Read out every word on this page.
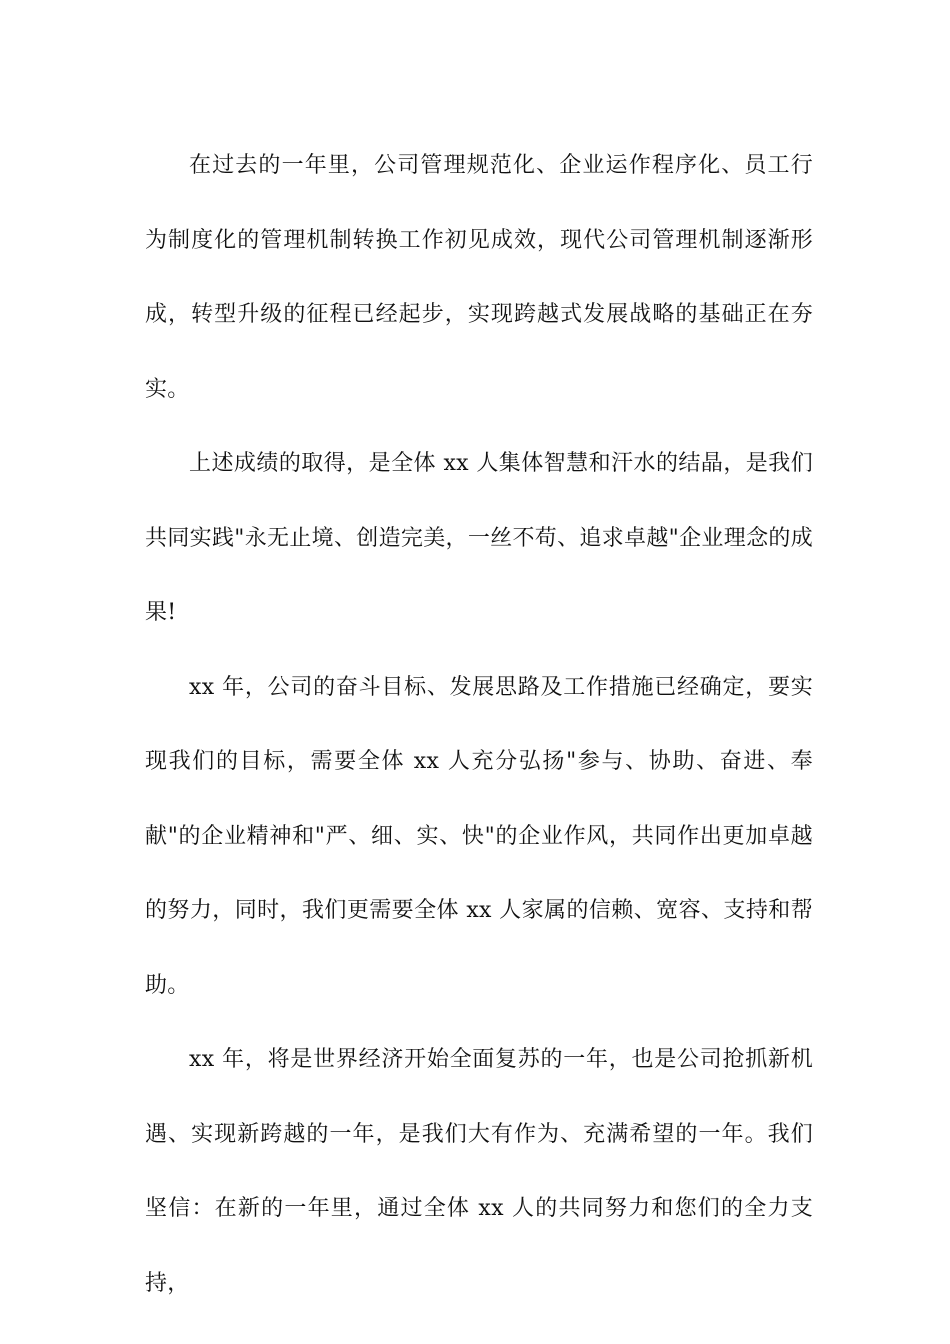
在过去的一年里，公司管理规范化、企业运作程序化、员工行为制度化的管理机制转换工作初见成效，现代公司管理机制逐渐形成，转型升级的征程已经起步，实现跨越式发展战略的基础正在夯实。

上述成绩的取得，是全体 xx 人集体智慧和汗水的结晶，是我们共同实践"永无止境、创造完美，一丝不苟、追求卓越"企业理念的成果!

xx 年，公司的奋斗目标、发展思路及工作措施已经确定，要实现我们的目标，需要全体 xx 人充分弘扬"参与、协助、奋进、奉献"的企业精神和"严、细、实、快"的企业作风，共同作出更加卓越的努力，同时，我们更需要全体 xx 人家属的信赖、宽容、支持和帮助。

xx 年，将是世界经济开始全面复苏的一年，也是公司抢抓新机遇、实现新跨越的一年，是我们大有作为、充满希望的一年。我们坚信：在新的一年里，通过全体 xx 人的共同努力和您们的全力支持，
